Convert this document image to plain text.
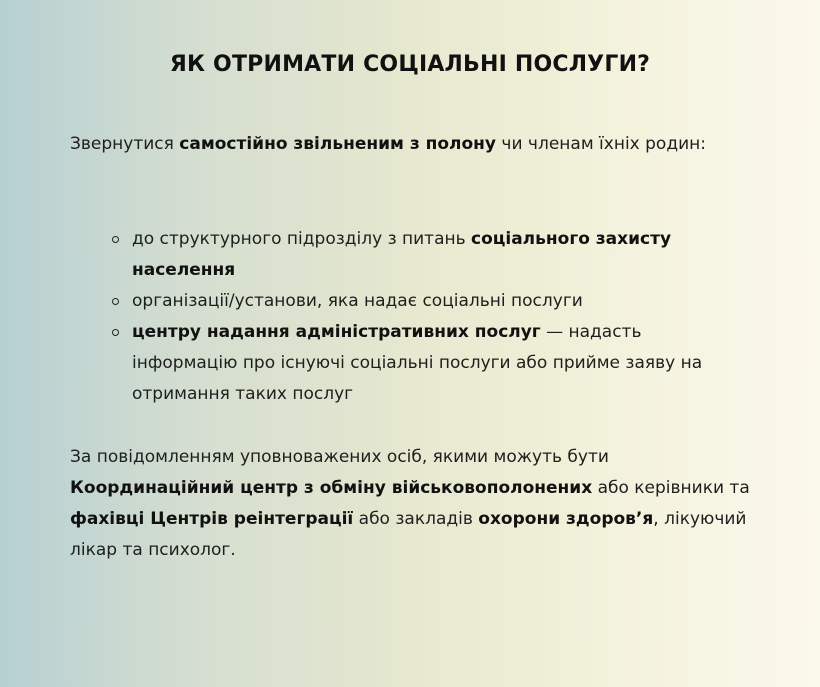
ЯК ОТРИМАТИ СОЦІАЛЬНІ ПОСЛУГИ?

Звернутися самостійно звільненим з полону чи членам їхніх родин:

до структурного підрозділу з питань соціального захисту населення
організації/установи, яка надає соціальні послуги
центру надання адміністративних послуг — надасть інформацію про існуючі соціальні послуги або прийме заяву на отримання таких послуг

За повідомленням уповноважених осіб, якими можуть бути Координаційний центр з обміну військовополонених або керівники та фахівці Центрів реінтеграції або закладів охорони здоров’я, лікуючий лікар та психолог.
